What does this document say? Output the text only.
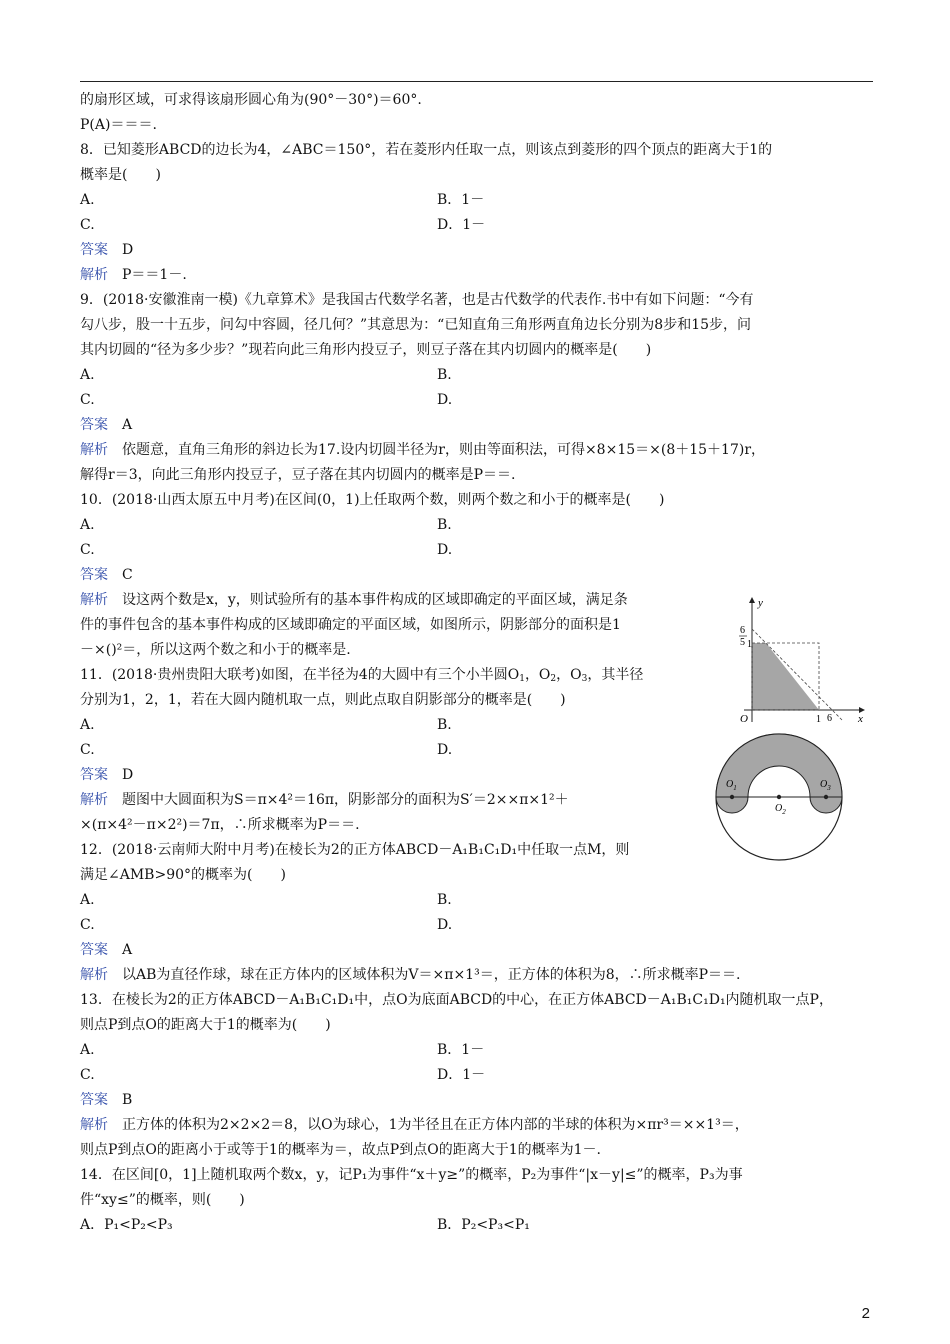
的扇形区域，可求得该扇形圆心角为(90°－30°)＝60°.
P(A)＝＝＝.
8．已知菱形ABCD的边长为4，∠ABC＝150°，若在菱形内任取一点，则该点到菱形的四个顶点的距离大于1的
概率是(　　)
A.	B．1－
C.	D．1－
答案 D
解析 P＝＝1－.
9．(2018·安徽淮南一模)《九章算术》是我国古代数学名著，也是古代数学的代表作.书中有如下问题：“今有
勾八步，股一十五步，问勾中容圆，径几何？”其意思为：“已知直角三角形两直角边长分别为8步和15步，问
其内切圆的“径为多少步？”现若向此三角形内投豆子，则豆子落在其内切圆内的概率是(　　)
A.	B.
C.	D.
答案 A
解析 依题意，直角三角形的斜边长为17.设内切圆半径为r，则由等面积法，可得×8×15＝×(8＋15＋17)r，
解得r＝3，向此三角形内投豆子，豆子落在其内切圆内的概率是P＝＝.
10．(2018·山西太原五中月考)在区间(0，1)上任取两个数，则两个数之和小于的概率是(　　)
A.	B.
C.	D.
答案 C
解析 设这两个数是x，y，则试验所有的基本事件构成的区域即确定的平面区域，满足条
件的事件包含的基本事件构成的区域即确定的平面区域，如图所示，阴影部分的面积是1
－×()²＝，所以这两个数之和小于的概率是.
11．(2018·贵州贵阳大联考)如图，在半径为4的大圆中有三个小半圆$O_1$，$O_2$，$O_3$，其半径
分别为1，2，1，若在大圆内随机取一点，则此点取自阴影部分的概率是(　　)
A.	B.
C.	D.
答案 D
解析 题图中大圆面积为S＝π×4²＝16π，阴影部分的面积为S′＝2××π×1²＋
×(π×4²－π×2²)＝7π，∴所求概率为P＝＝.
12．(2018·云南师大附中月考)在棱长为2的正方体ABCD－A₁B₁C₁D₁中任取一点M，则
满足∠AMB>90°的概率为(　　)
A.	B.
C.	D.
答案 A
解析 以AB为直径作球，球在正方体内的区域体积为V＝×π×1³＝，正方体的体积为8，∴所求概率P＝＝.
13．在棱长为2的正方体ABCD－A₁B₁C₁D₁中，点O为底面ABCD的中心，在正方体ABCD－A₁B₁C₁D₁内随机取一点P，
则点P到点O的距离大于1的概率为(　　)
A.	B．1－
C.	D．1－
答案 B
解析 正方体的体积为2×2×2＝8，以O为球心，1为半径且在正方体内部的半球的体积为×πr³＝××1³＝，
则点P到点O的距离小于或等于1的概率为＝，故点P到点O的距离大于1的概率为1－.
14．在区间[0，1]上随机取两个数x，y，记P₁为事件“x＋y≥”的概率，P₂为事件“|x－y|≤”的概率，P₃为事
件“xy≤”的概率，则(　　)
A．P₁<P₂<P₃	B．P₂<P₃<P₁
y
x
O
6
5 1
1 6
$O_1$
$O_2$
$O_3$
2
